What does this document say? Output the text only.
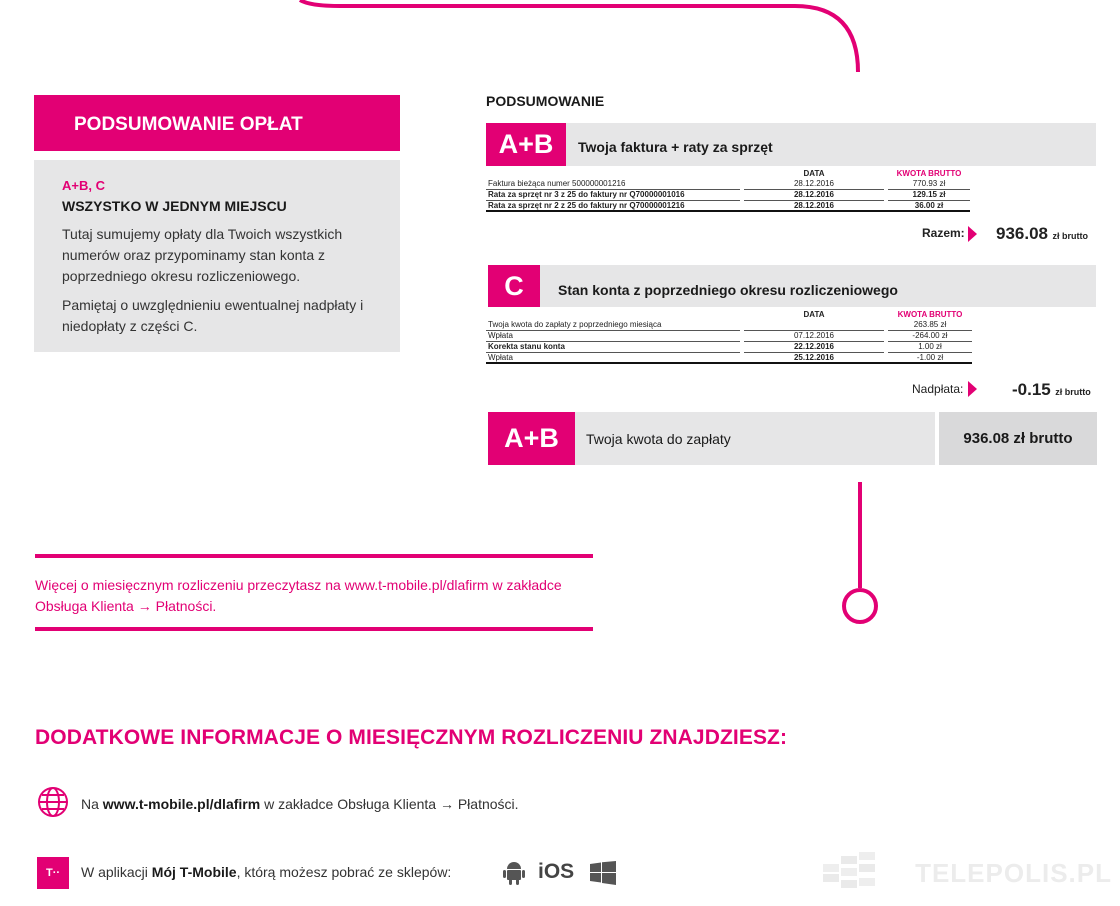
PODSUMOWANIE OPŁAT
A+B, C
WSZYSTKO W JEDNYM MIEJSCU

Tutaj sumujemy opłaty dla Twoich wszystkich numerów oraz przypominamy stan konta z poprzedniego okresu rozliczeniowego.

Pamiętaj o uwzględnieniu ewentualnej nadpłaty i niedopłaty z części C.

PODSUMOWANIE
A+B	Twoja faktura + raty za sprzęt
		DATA		KWOTA BRUTTO
Faktura bieżąca numer 500000001216		28.12.2016		770.93 zł
Rata za sprzęt nr 3 z 25 do faktury nr Q70000001016		28.12.2016		129.15 zł
Rata za sprzęt nr 2 z 25 do faktury nr Q70000001216		28.12.2016		36.00 zł
Razem: 936.08 zł brutto
C	Stan konta z poprzedniego okresu rozliczeniowego
		DATA		KWOTA BRUTTO
Twoja kwota do zapłaty z poprzedniego miesiąca				263.85 zł
Wpłata		07.12.2016		-264.00 zł
Korekta stanu konta		22.12.2016		1.00 zł
Wpłata		25.12.2016		-1.00 zł
Nadpłata:	-0.15 zł brutto
A+B	Twoja kwota do zapłaty	936.08 zł brutto
Więcej o miesięcznym rozliczeniu przeczytasz na www.t-mobile.pl/dlafirm w zakładce
Obsługa Klienta → Płatności.
DODATKOWE INFORMACJE O MIESIĘCZNYM ROZLICZENIU ZNAJDZIESZ:
Na www.t-mobile.pl/dlafirm w zakładce Obsługa Klienta → Płatności.
T·· W aplikacji Mój T-Mobile, którą możesz pobrać ze sklepów:	iOS	TELEPOLIS.PL
